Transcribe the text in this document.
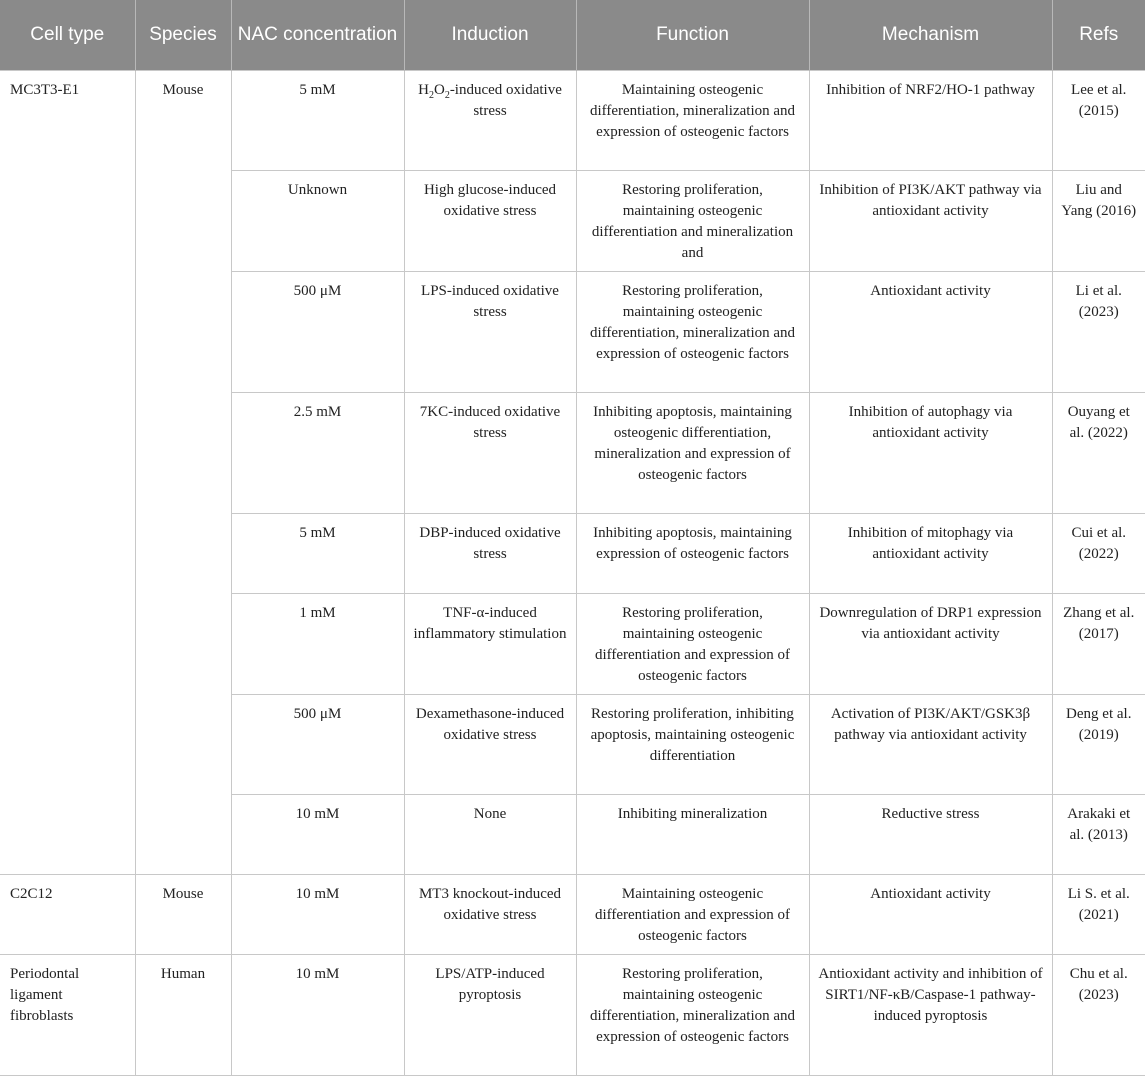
Cell type	Species	NAC concentration	Induction	Function	Mechanism	Refs
MC3T3-E1	Mouse	5 mM	$H_2O_2$-induced oxidative stress	Maintaining osteogenic differentiation, mineralization and expression of osteogenic factors	Inhibition of NRF2/HO-1 pathway	Lee et al. (2015)
		Unknown	High glucose-induced oxidative stress	Restoring proliferation, maintaining osteogenic differentiation and mineralization and	Inhibition of PI3K/AKT pathway via antioxidant activity	Liu and Yang (2016)
		500 μM	LPS-induced oxidative stress	Restoring proliferation, maintaining osteogenic differentiation, mineralization and expression of osteogenic factors	Antioxidant activity	Li et al. (2023)
		2.5 mM	7KC-induced oxidative stress	Inhibiting apoptosis, maintaining osteogenic differentiation, mineralization and expression of osteogenic factors	Inhibition of autophagy via antioxidant activity	Ouyang et al. (2022)
		5 mM	DBP-induced oxidative stress	Inhibiting apoptosis, maintaining expression of osteogenic factors	Inhibition of mitophagy via antioxidant activity	Cui et al. (2022)
		1 mM	TNF-α-induced inflammatory stimulation	Restoring proliferation, maintaining osteogenic differentiation and expression of osteogenic factors	Downregulation of DRP1 expression via antioxidant activity	Zhang et al. (2017)
		500 μM	Dexamethasone-induced oxidative stress	Restoring proliferation, inhibiting apoptosis, maintaining osteogenic differentiation	Activation of PI3K/AKT/GSK3β pathway via antioxidant activity	Deng et al. (2019)
		10 mM	None	Inhibiting mineralization	Reductive stress	Arakaki et al. (2013)
C2C12	Mouse	10 mM	MT3 knockout-induced oxidative stress	Maintaining osteogenic differentiation and expression of osteogenic factors	Antioxidant activity	Li S. et al. (2021)
Periodontal ligament fibroblasts	Human	10 mM	LPS/ATP-induced pyroptosis	Restoring proliferation, maintaining osteogenic differentiation, mineralization and expression of osteogenic factors	Antioxidant activity and inhibition of SIRT1/NF-κB/Caspase-1 pathway-induced pyroptosis	Chu et al. (2023)
